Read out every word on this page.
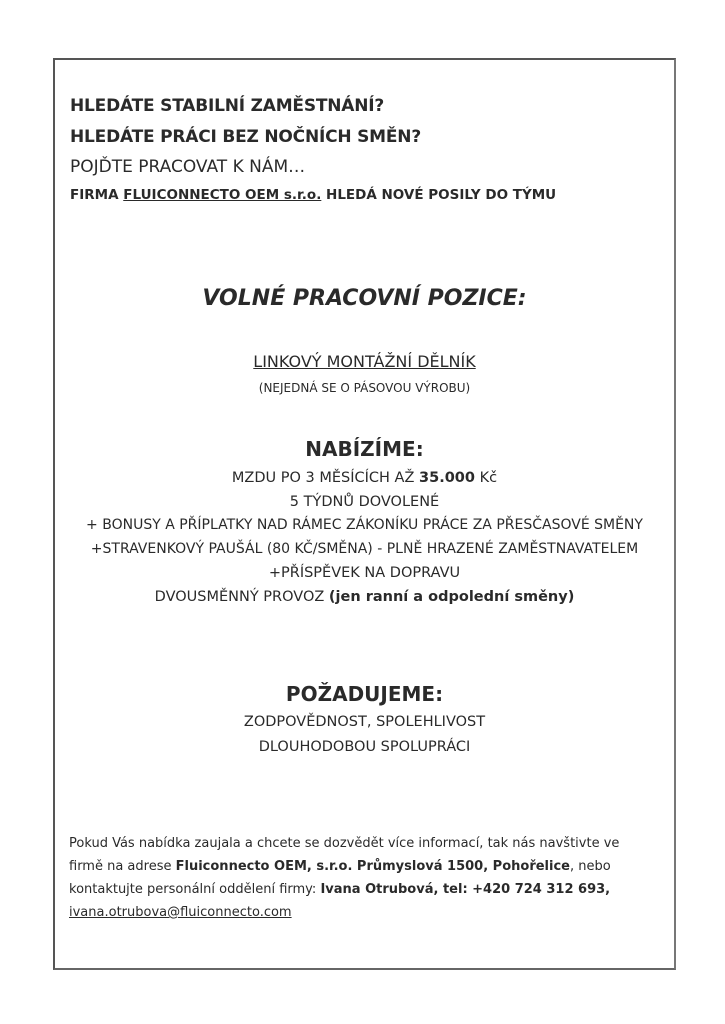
HLEDÁTE STABILNÍ ZAMĚSTNÁNÍ?
HLEDÁTE PRÁCI BEZ NOČNÍCH SMĚN?
POJĎTE PRACOVAT K NÁM…
FIRMA FLUICONNECTO OEM s.r.o. HLEDÁ NOVÉ POSILY DO TÝMU
VOLNÉ PRACOVNÍ POZICE:
LINKOVÝ MONTÁŽNÍ DĚLNÍK
(NEJEDNÁ SE O PÁSOVOU VÝROBU)
NABÍZÍME:
MZDU PO 3 MĚSÍCÍCH AŽ 35.000 Kč
5 TÝDNŮ DOVOLENÉ
+ BONUSY A PŘÍPLATKY NAD RÁMEC ZÁKONÍKU PRÁCE ZA PŘESČASOVÉ SMĚNY
+STRAVENKOVÝ PAUŠÁL (80 KČ/SMĚNA) - PLNĚ HRAZENÉ ZAMĚSTNAVATELEM
+PŘÍSPĚVEK NA DOPRAVU
DVOUSMĚNNÝ PROVOZ (jen ranní a odpolední směny)
POŽADUJEME:
ZODPOVĚDNOST, SPOLEHLIVOST
DLOUHODOBOU SPOLUPRÁCI
Pokud Vás nabídka zaujala a chcete se dozvědět více informací, tak nás navštivte ve
firmě na adrese Fluiconnecto OEM, s.r.o. Průmyslová 1500, Pohořelice, nebo
kontaktujte personální oddělení firmy: Ivana Otrubová, tel: +420 724 312 693,
ivana.otrubova@fluiconnecto.com
